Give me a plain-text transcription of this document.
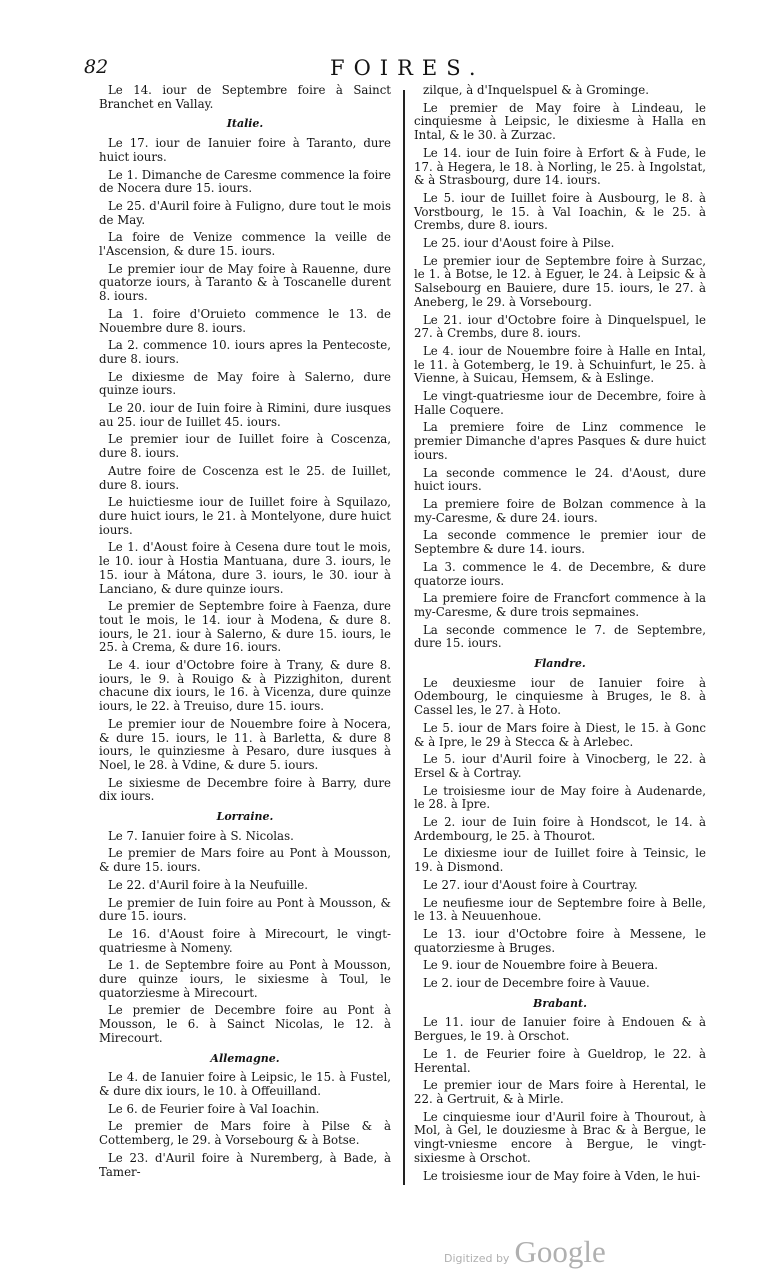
82	FOIRES.

Le 14. iour de Septembre foire à Sainct Branchet en Vallay.

Italie.

Le 17. iour de Ianuier foire à Taranto, dure huict iours.

Le 1. Dimanche de Caresme commence la foire de Nocera dure 15. iours.

Le 25. d'Auril foire à Fuligno, dure tout le mois de May.

La foire de Venize commence la veille de l'Ascension, & dure 15. iours.

Le premier iour de May foire à Rauenne, dure quatorze iours, à Taranto & à Toscanelle durent 8. iours.

La 1. foire d'Oruieto commence le 13. de Nouembre dure 8. iours.

La 2. commence 10. iours apres la Pentecoste, dure 8. iours.

Le dixiesme de May foire à Salerno, dure quinze iours.

Le 20. iour de Iuin foire à Rimini, dure iusques au 25. iour de Iuillet 45. iours.

Le premier iour de Iuillet foire à Coscenza, dure 8. iours.

Autre foire de Coscenza est le 25. de Iuillet, dure 8. iours.

Le huictiesme iour de Iuillet foire à Squilazo, dure huict iours, le 21. à Montelyone, dure huict iours.

Le 1. d'Aoust foire à Cesena dure tout le mois, le 10. iour à Hostia Mantuana, dure 3. iours, le 15. iour à Mátona, dure 3. iours, le 30. iour à Lanciano, & dure quinze iours.

Le premier de Septembre foire à Faenza, dure tout le mois, le 14. iour à Modena, & dure 8. iours, le 21. iour à Salerno, & dure 15. iours, le 25. à Crema, & dure 16. iours.

Le 4. iour d'Octobre foire à Trany, & dure 8. iours, le 9. à Rouigo & à Pizzighiton, durent chacune dix iours, le 16. à Vicenza, dure quinze iours, le 22. à Treuiso, dure 15. iours.

Le premier iour de Nouembre foire à Nocera, & dure 15. iours, le 11. à Barletta, & dure 8 iours, le quinziesme à Pesaro, dure iusques à Noel, le 28. à Vdine, & dure 5. iours.

Le sixiesme de Decembre foire à Barry, dure dix iours.

Lorraine.

Le 7. Ianuier foire à S. Nicolas.

Le premier de Mars foire au Pont à Mousson, & dure 15. iours.

Le 22. d'Auril foire à la Neufuille.

Le premier de Iuin foire au Pont à Mousson, & dure 15. iours.

Le 16. d'Aoust foire à Mirecourt, le vingt-quatriesme à Nomeny.

Le 1. de Septembre foire au Pont à Mousson, dure quinze iours, le sixiesme à Toul, le quatorziesme à Mirecourt.

Le premier de Decembre foire au Pont à Mousson, le 6. à Sainct Nicolas, le 12. à Mirecourt.

Allemagne.

Le 4. de Ianuier foire à Leipsic, le 15. à Fustel, & dure dix iours, le 10. à Offeuilland.

Le 6. de Feurier foire à Val Ioachin.

Le premier de Mars foire à Pilse & à Cottemberg, le 29. à Vorsebourg & à Botse.

Le 23. d'Auril foire à Nuremberg, à Bade, à Tamer-

zilque, à d'Inquelspuel & à Grominge.

Le premier de May foire à Lindeau, le cinquiesme à Leipsic, le dixiesme à Halla en Intal, & le 30. à Zurzac.

Le 14. iour de Iuin foire à Erfort & à Fude, le 17. à Hegera, le 18. à Norling, le 25. à Ingolstat, & à Strasbourg, dure 14. iours.

Le 5. iour de Iuillet foire à Ausbourg, le 8. à Vorstbourg, le 15. à Val Ioachin, & le 25. à Crembs, dure 8. iours.

Le 25. iour d'Aoust foire à Pilse.

Le premier iour de Septembre foire à Surzac, le 1. à Botse, le 12. à Eguer, le 24. à Leipsic & à Salsebourg en Bauiere, dure 15. iours, le 27. à Aneberg, le 29. à Vorsebourg.

Le 21. iour d'Octobre foire à Dinquelspuel, le 27. à Crembs, dure 8. iours.

Le 4. iour de Nouembre foire à Halle en Intal, le 11. à Gotemberg, le 19. à Schuinfurt, le 25. à Vienne, à Suicau, Hemsem, & à Eslinge.

Le vingt-quatriesme iour de Decembre, foire à Halle Coquere.

La premiere foire de Linz commence le premier Dimanche d'apres Pasques & dure huict iours.

La seconde commence le 24. d'Aoust, dure huict iours.

La premiere foire de Bolzan commence à la my-Caresme, & dure 24. iours.

La seconde commence le premier iour de Septembre & dure 14. iours.

La 3. commence le 4. de Decembre, & dure quatorze iours.

La premiere foire de Francfort commence à la my-Caresme, & dure trois sepmaines.

La seconde commence le 7. de Septembre, dure 15. iours.

Flandre.

Le deuxiesme iour de Ianuier foire à Odembourg, le cinquiesme à Bruges, le 8. à Cassel les, le 27. à Hoto.

Le 5. iour de Mars foire à Diest, le 15. à Gonc & à Ipre, le 29 à Stecca & à Arlebec.

Le 5. iour d'Auril foire à Vinocberg, le 22. à Ersel & à Cortray.

Le troisiesme iour de May foire à Audenarde, le 28. à Ipre.

Le 2. iour de Iuin foire à Hondscot, le 14. à Ardembourg, le 25. à Thourot.

Le dixiesme iour de Iuillet foire à Teinsic, le 19. à Dismond.

Le 27. iour d'Aoust foire à Courtray.

Le neufiesme iour de Septembre foire à Belle, le 13. à Neuuenhoue.

Le 13. iour d'Octobre foire à Messene, le quatorziesme à Bruges.

Le 9. iour de Nouembre foire à Beuera.

Le 2. iour de Decembre foire à Vauue.

Brabant.

Le 11. iour de Ianuier foire à Endouen & à Bergues, le 19. à Orschot.

Le 1. de Feurier foire à Gueldrop, le 22. à Herental.

Le premier iour de Mars foire à Herental, le 22. à Gertruit, & à Mirle.

Le cinquiesme iour d'Auril foire à Thourout, à Mol, à Gel, le douziesme à Brac & à Bergue, le vingt-vniesme encore à Bergue, le vingt-sixiesme à Orschot.

Le troisiesme iour de May foire à Vden, le hui-

Digitized by Google
